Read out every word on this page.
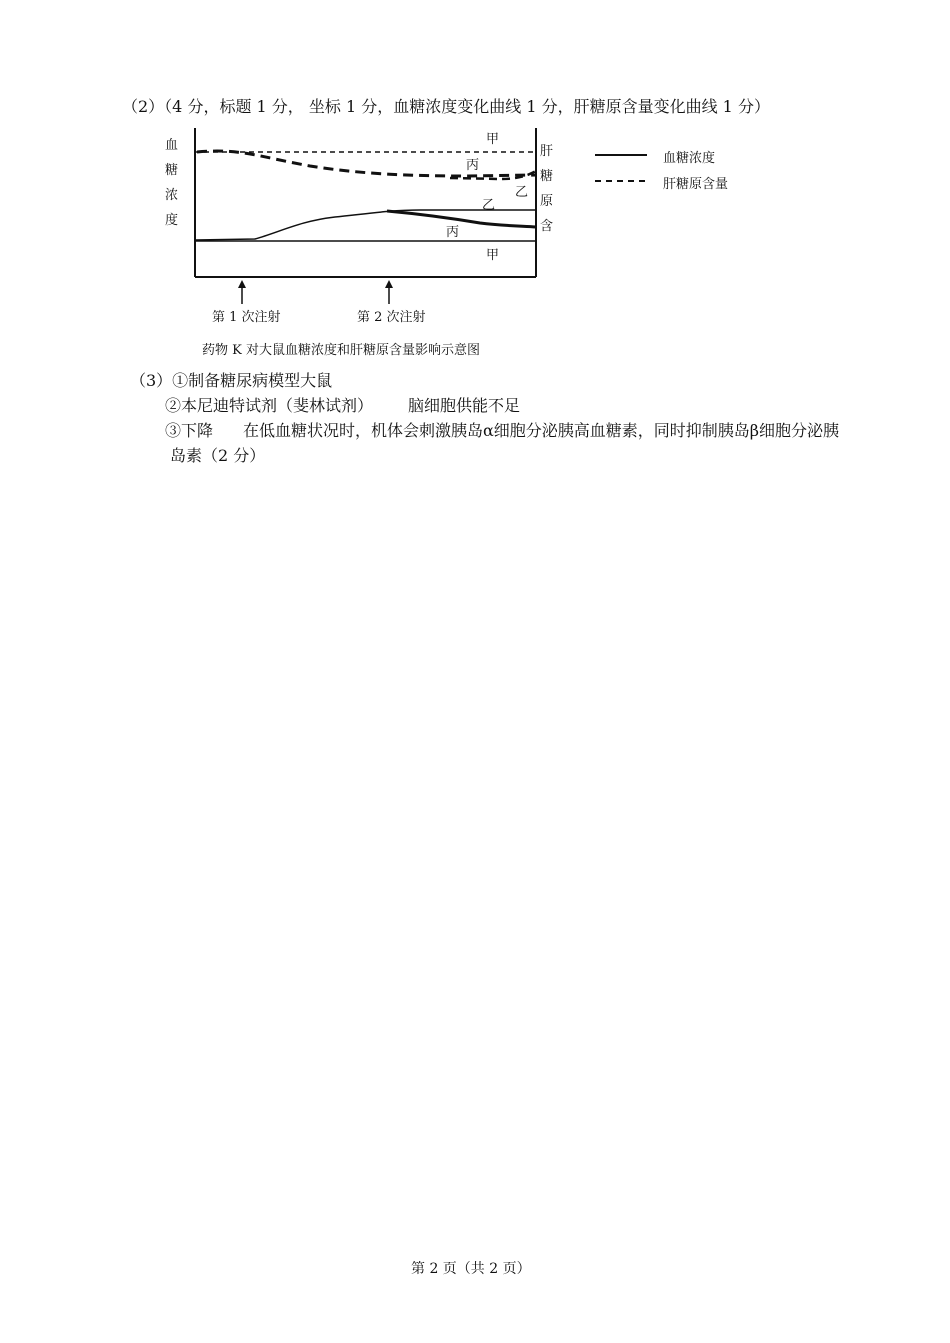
（2）（4 分，标题 1 分， 坐标 1 分，血糖浓度变化曲线 1 分，肝糖原含量变化曲线 1 分）
血
糖
浓
度
肝
糖
原
含
甲
丙
乙
乙
丙
甲
血糖浓度
肝糖原含量
第 1 次注射	第 2 次注射
药物 K 对大鼠血糖浓度和肝糖原含量影响示意图
（3）①制备糖尿病模型大鼠
②本尼迪特试剂（斐林试剂） 脑细胞供能不足
③下降 在低血糖状况时，机体会刺激胰岛α细胞分泌胰高血糖素，同时抑制胰岛β细胞分泌胰
岛素（2 分）
第 2 页（共 2 页）
